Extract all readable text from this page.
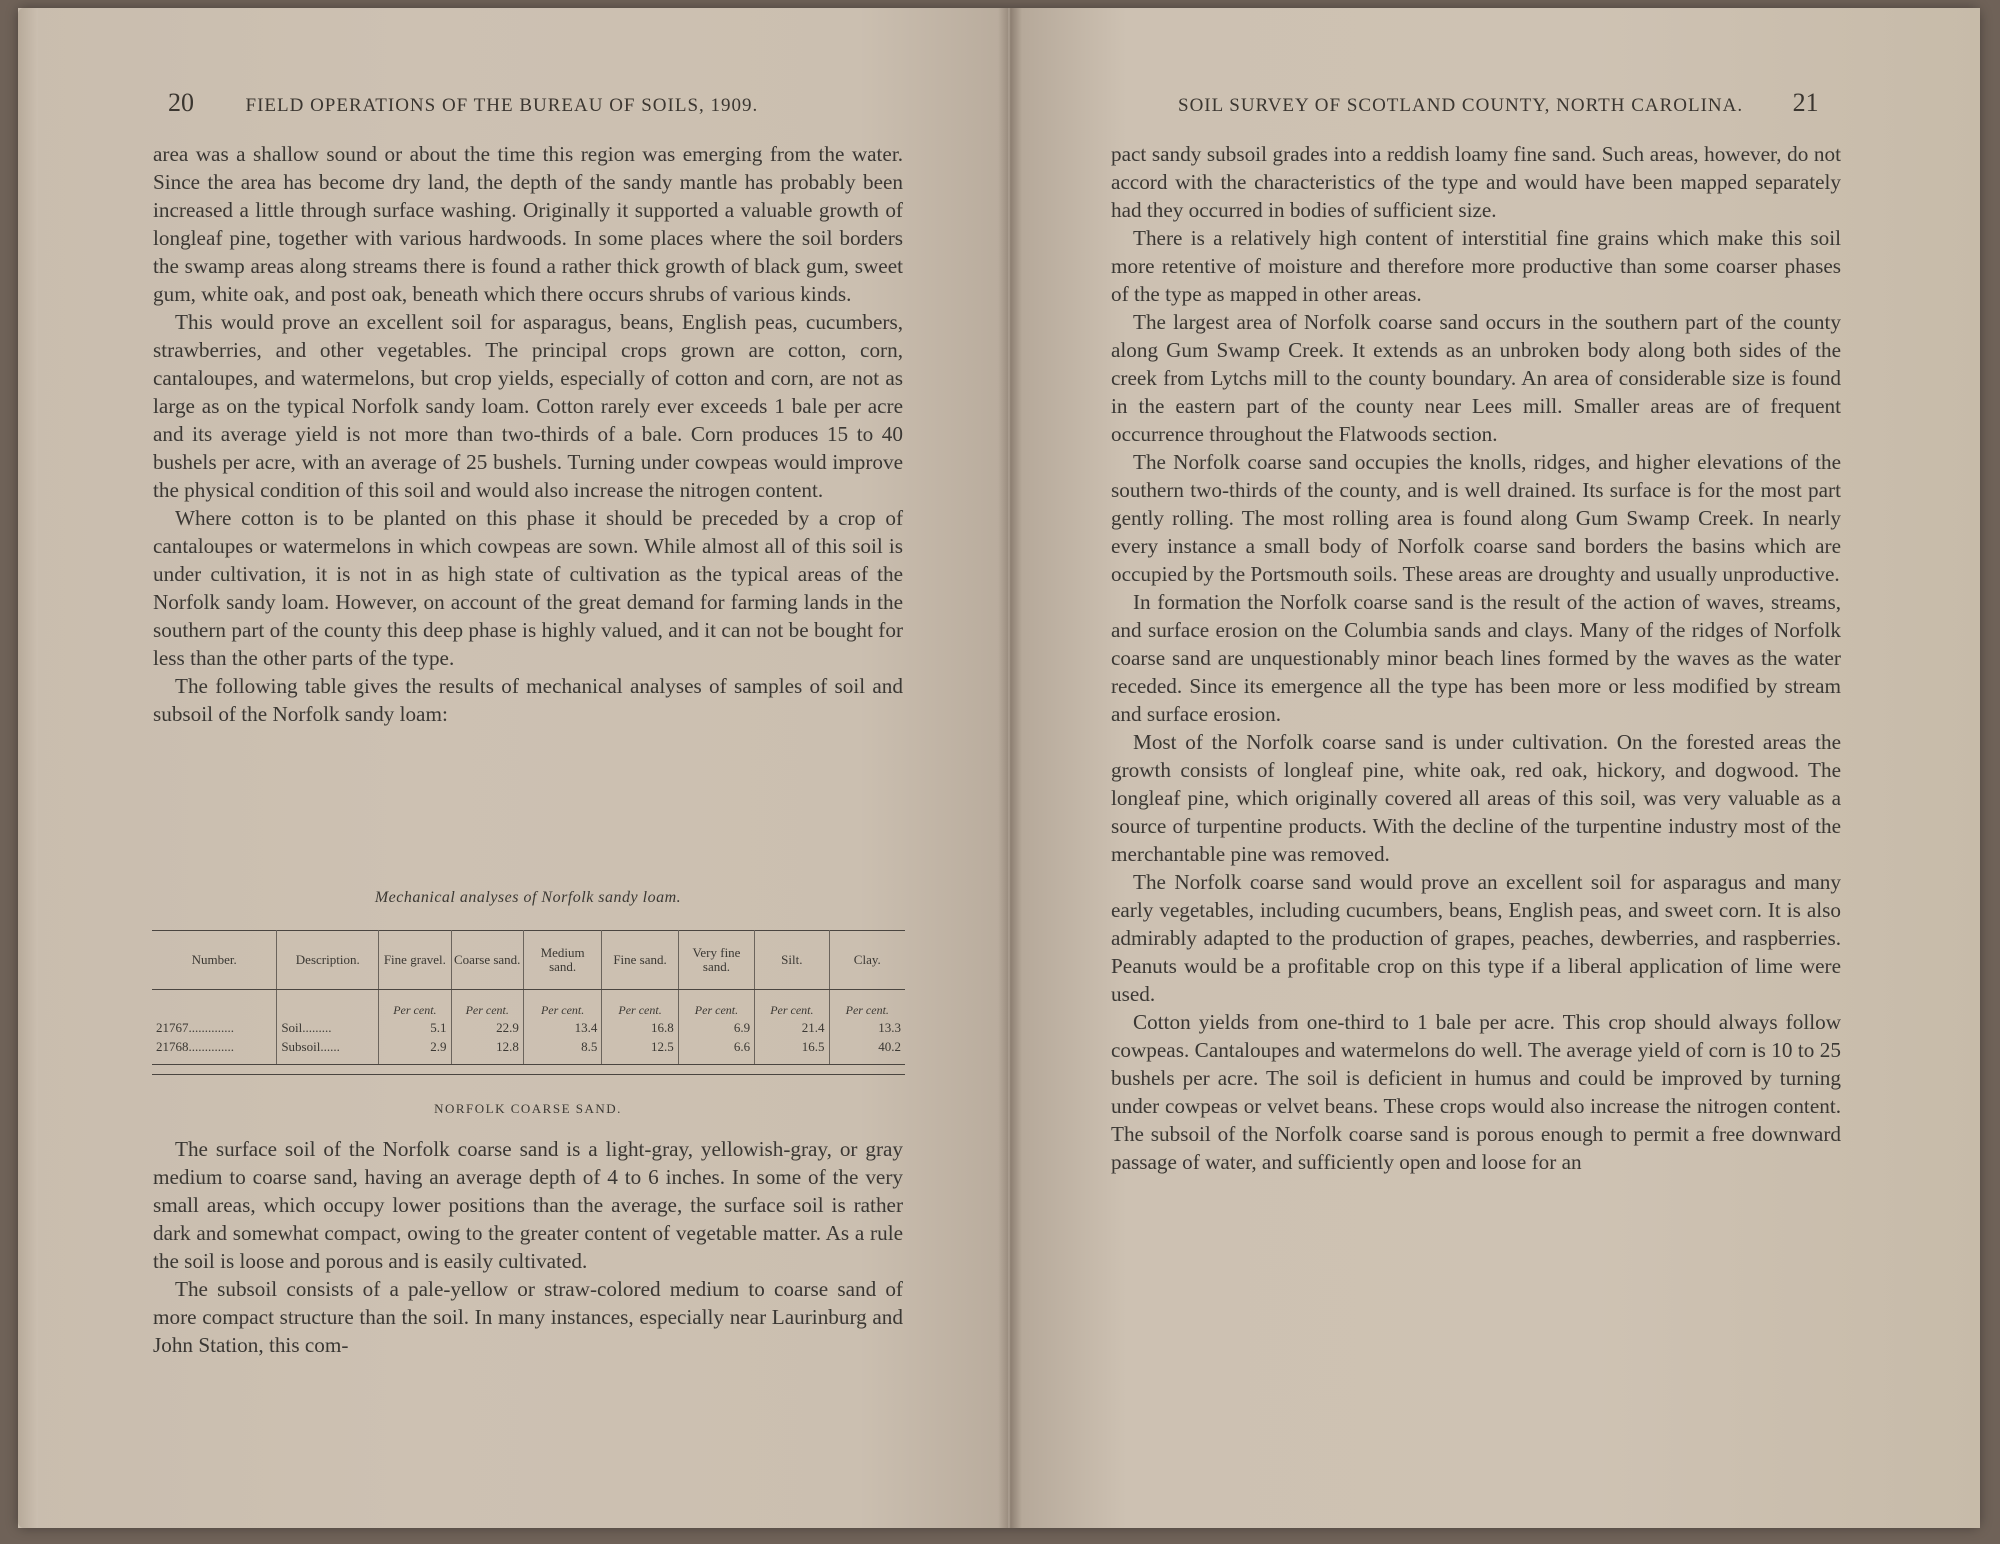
20	FIELD OPERATIONS OF THE BUREAU OF SOILS, 1909.	SOIL SURVEY OF SCOTLAND COUNTY, NORTH CAROLINA. 21

area was a shallow sound or about the time this region was emerging from the water. Since the area has become dry land, the depth of the sandy mantle has probably been increased a little through surface washing. Originally it supported a valuable growth of longleaf pine, together with various hardwoods. In some places where the soil borders the swamp areas along streams there is found a rather thick growth of black gum, sweet gum, white oak, and post oak, beneath which there occurs shrubs of various kinds.

This would prove an excellent soil for asparagus, beans, English peas, cucumbers, strawberries, and other vegetables. The principal crops grown are cotton, corn, cantaloupes, and watermelons, but crop yields, especially of cotton and corn, are not as large as on the typical Norfolk sandy loam. Cotton rarely ever exceeds 1 bale per acre and its average yield is not more than two-thirds of a bale. Corn produces 15 to 40 bushels per acre, with an average of 25 bushels. Turning under cowpeas would improve the physical condition of this soil and would also increase the nitrogen content.

Where cotton is to be planted on this phase it should be preceded by a crop of cantaloupes or watermelons in which cowpeas are sown. While almost all of this soil is under cultivation, it is not in as high state of cultivation as the typical areas of the Norfolk sandy loam. However, on account of the great demand for farming lands in the southern part of the county this deep phase is highly valued, and it can not be bought for less than the other parts of the type.

The following table gives the results of mechanical analyses of samples of soil and subsoil of the Norfolk sandy loam:

Mechanical analyses of Norfolk sandy loam.
Number.	Description.	Fine gravel.	Coarse sand.	Medium sand.	Fine sand.	Very fine sand.	Silt.	Clay.
		Per cent.	Per cent.	Per cent.	Per cent.	Per cent.	Per cent.	Per cent.
21767..............	Soil.........	5.1	22.9	13.4	16.8	6.9	21.4	13.3
21768..............	Subsoil......	2.9	12.8	8.5	12.5	6.6	16.5	40.2
NORFOLK COARSE SAND.

The surface soil of the Norfolk coarse sand is a light-gray, yellowish-gray, or gray medium to coarse sand, having an average depth of 4 to 6 inches. In some of the very small areas, which occupy lower positions than the average, the surface soil is rather dark and somewhat compact, owing to the greater content of vegetable matter. As a rule the soil is loose and porous and is easily cultivated.

The subsoil consists of a pale-yellow or straw-colored medium to coarse sand of more compact structure than the soil. In many instances, especially near Laurinburg and John Station, this com-

pact sandy subsoil grades into a reddish loamy fine sand. Such areas, however, do not accord with the characteristics of the type and would have been mapped separately had they occurred in bodies of sufficient size.

There is a relatively high content of interstitial fine grains which make this soil more retentive of moisture and therefore more productive than some coarser phases of the type as mapped in other areas.

The largest area of Norfolk coarse sand occurs in the southern part of the county along Gum Swamp Creek. It extends as an unbroken body along both sides of the creek from Lytchs mill to the county boundary. An area of considerable size is found in the eastern part of the county near Lees mill. Smaller areas are of frequent occurrence throughout the Flatwoods section.

The Norfolk coarse sand occupies the knolls, ridges, and higher elevations of the southern two-thirds of the county, and is well drained. Its surface is for the most part gently rolling. The most rolling area is found along Gum Swamp Creek. In nearly every instance a small body of Norfolk coarse sand borders the basins which are occupied by the Portsmouth soils. These areas are droughty and usually unproductive.

In formation the Norfolk coarse sand is the result of the action of waves, streams, and surface erosion on the Columbia sands and clays. Many of the ridges of Norfolk coarse sand are unquestionably minor beach lines formed by the waves as the water receded. Since its emergence all the type has been more or less modified by stream and surface erosion.

Most of the Norfolk coarse sand is under cultivation. On the forested areas the growth consists of longleaf pine, white oak, red oak, hickory, and dogwood. The longleaf pine, which originally covered all areas of this soil, was very valuable as a source of turpentine products. With the decline of the turpentine industry most of the merchantable pine was removed.

The Norfolk coarse sand would prove an excellent soil for asparagus and many early vegetables, including cucumbers, beans, English peas, and sweet corn. It is also admirably adapted to the production of grapes, peaches, dewberries, and raspberries. Peanuts would be a profitable crop on this type if a liberal application of lime were used.

Cotton yields from one-third to 1 bale per acre. This crop should always follow cowpeas. Cantaloupes and watermelons do well. The average yield of corn is 10 to 25 bushels per acre. The soil is deficient in humus and could be improved by turning under cowpeas or velvet beans. These crops would also increase the nitrogen content. The subsoil of the Norfolk coarse sand is porous enough to permit a free downward passage of water, and sufficiently open and loose for an
